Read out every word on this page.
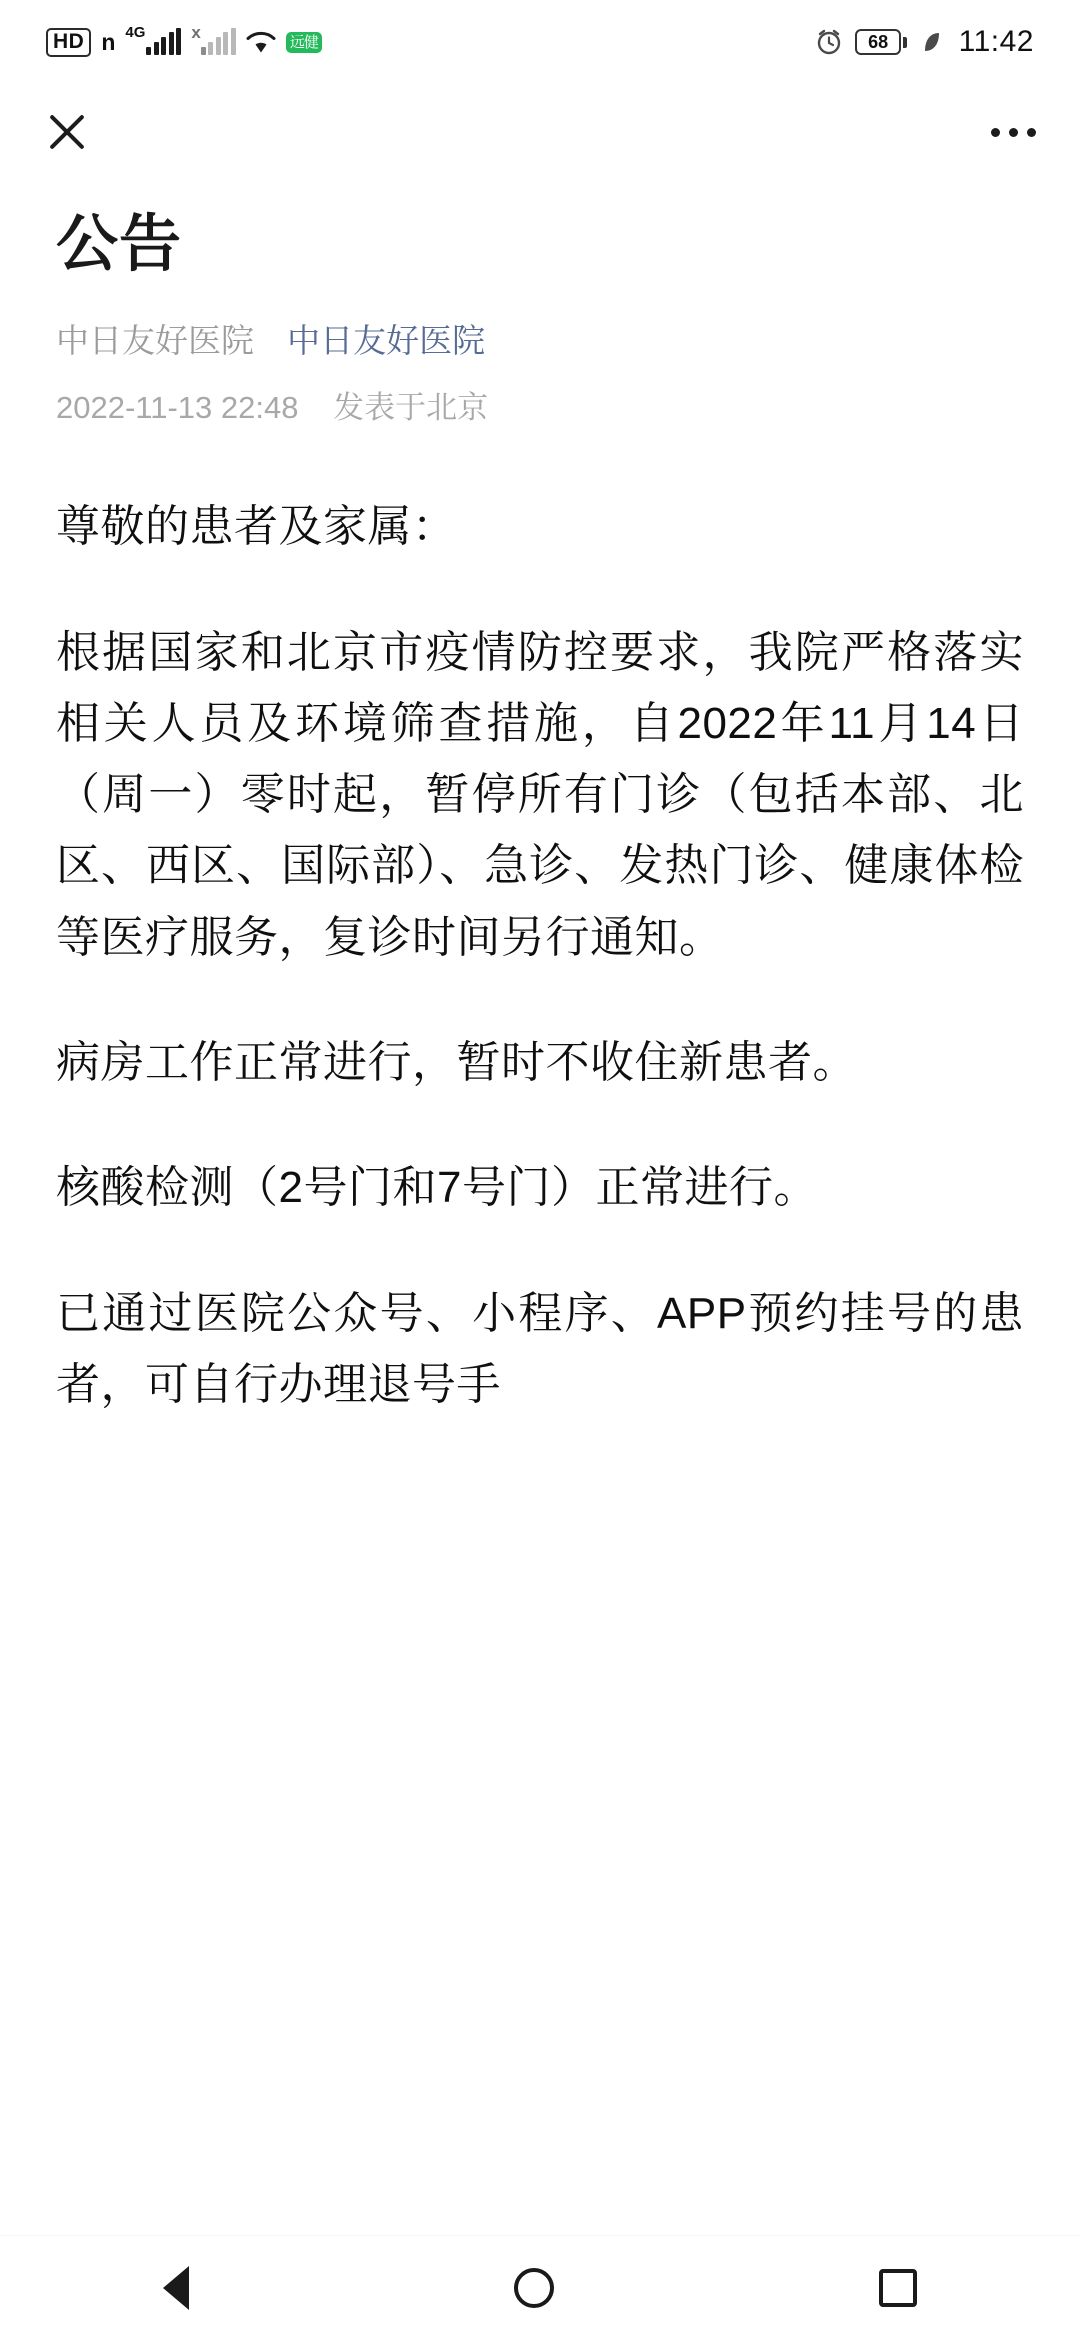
HD n 4G	x	远健	68	11:42
公告
中日友好医院 中日友好医院
2022-11-13 22:48 发表于北京

尊敬的患者及家属：

根据国家和北京市疫情防控要求，我院严格落实相关人员及环境筛查措施，自2022年11月14日（周一）零时起，暂停所有门诊（包括本部、北区、西区、国际部）、急诊、发热门诊、健康体检等医疗服务，复诊时间另行通知。

病房工作正常进行，暂时不收住新患者。

核酸检测（2号门和7号门）正常进行。

已通过医院公众号、小程序、APP预约挂号的患者，可自行办理退号手
